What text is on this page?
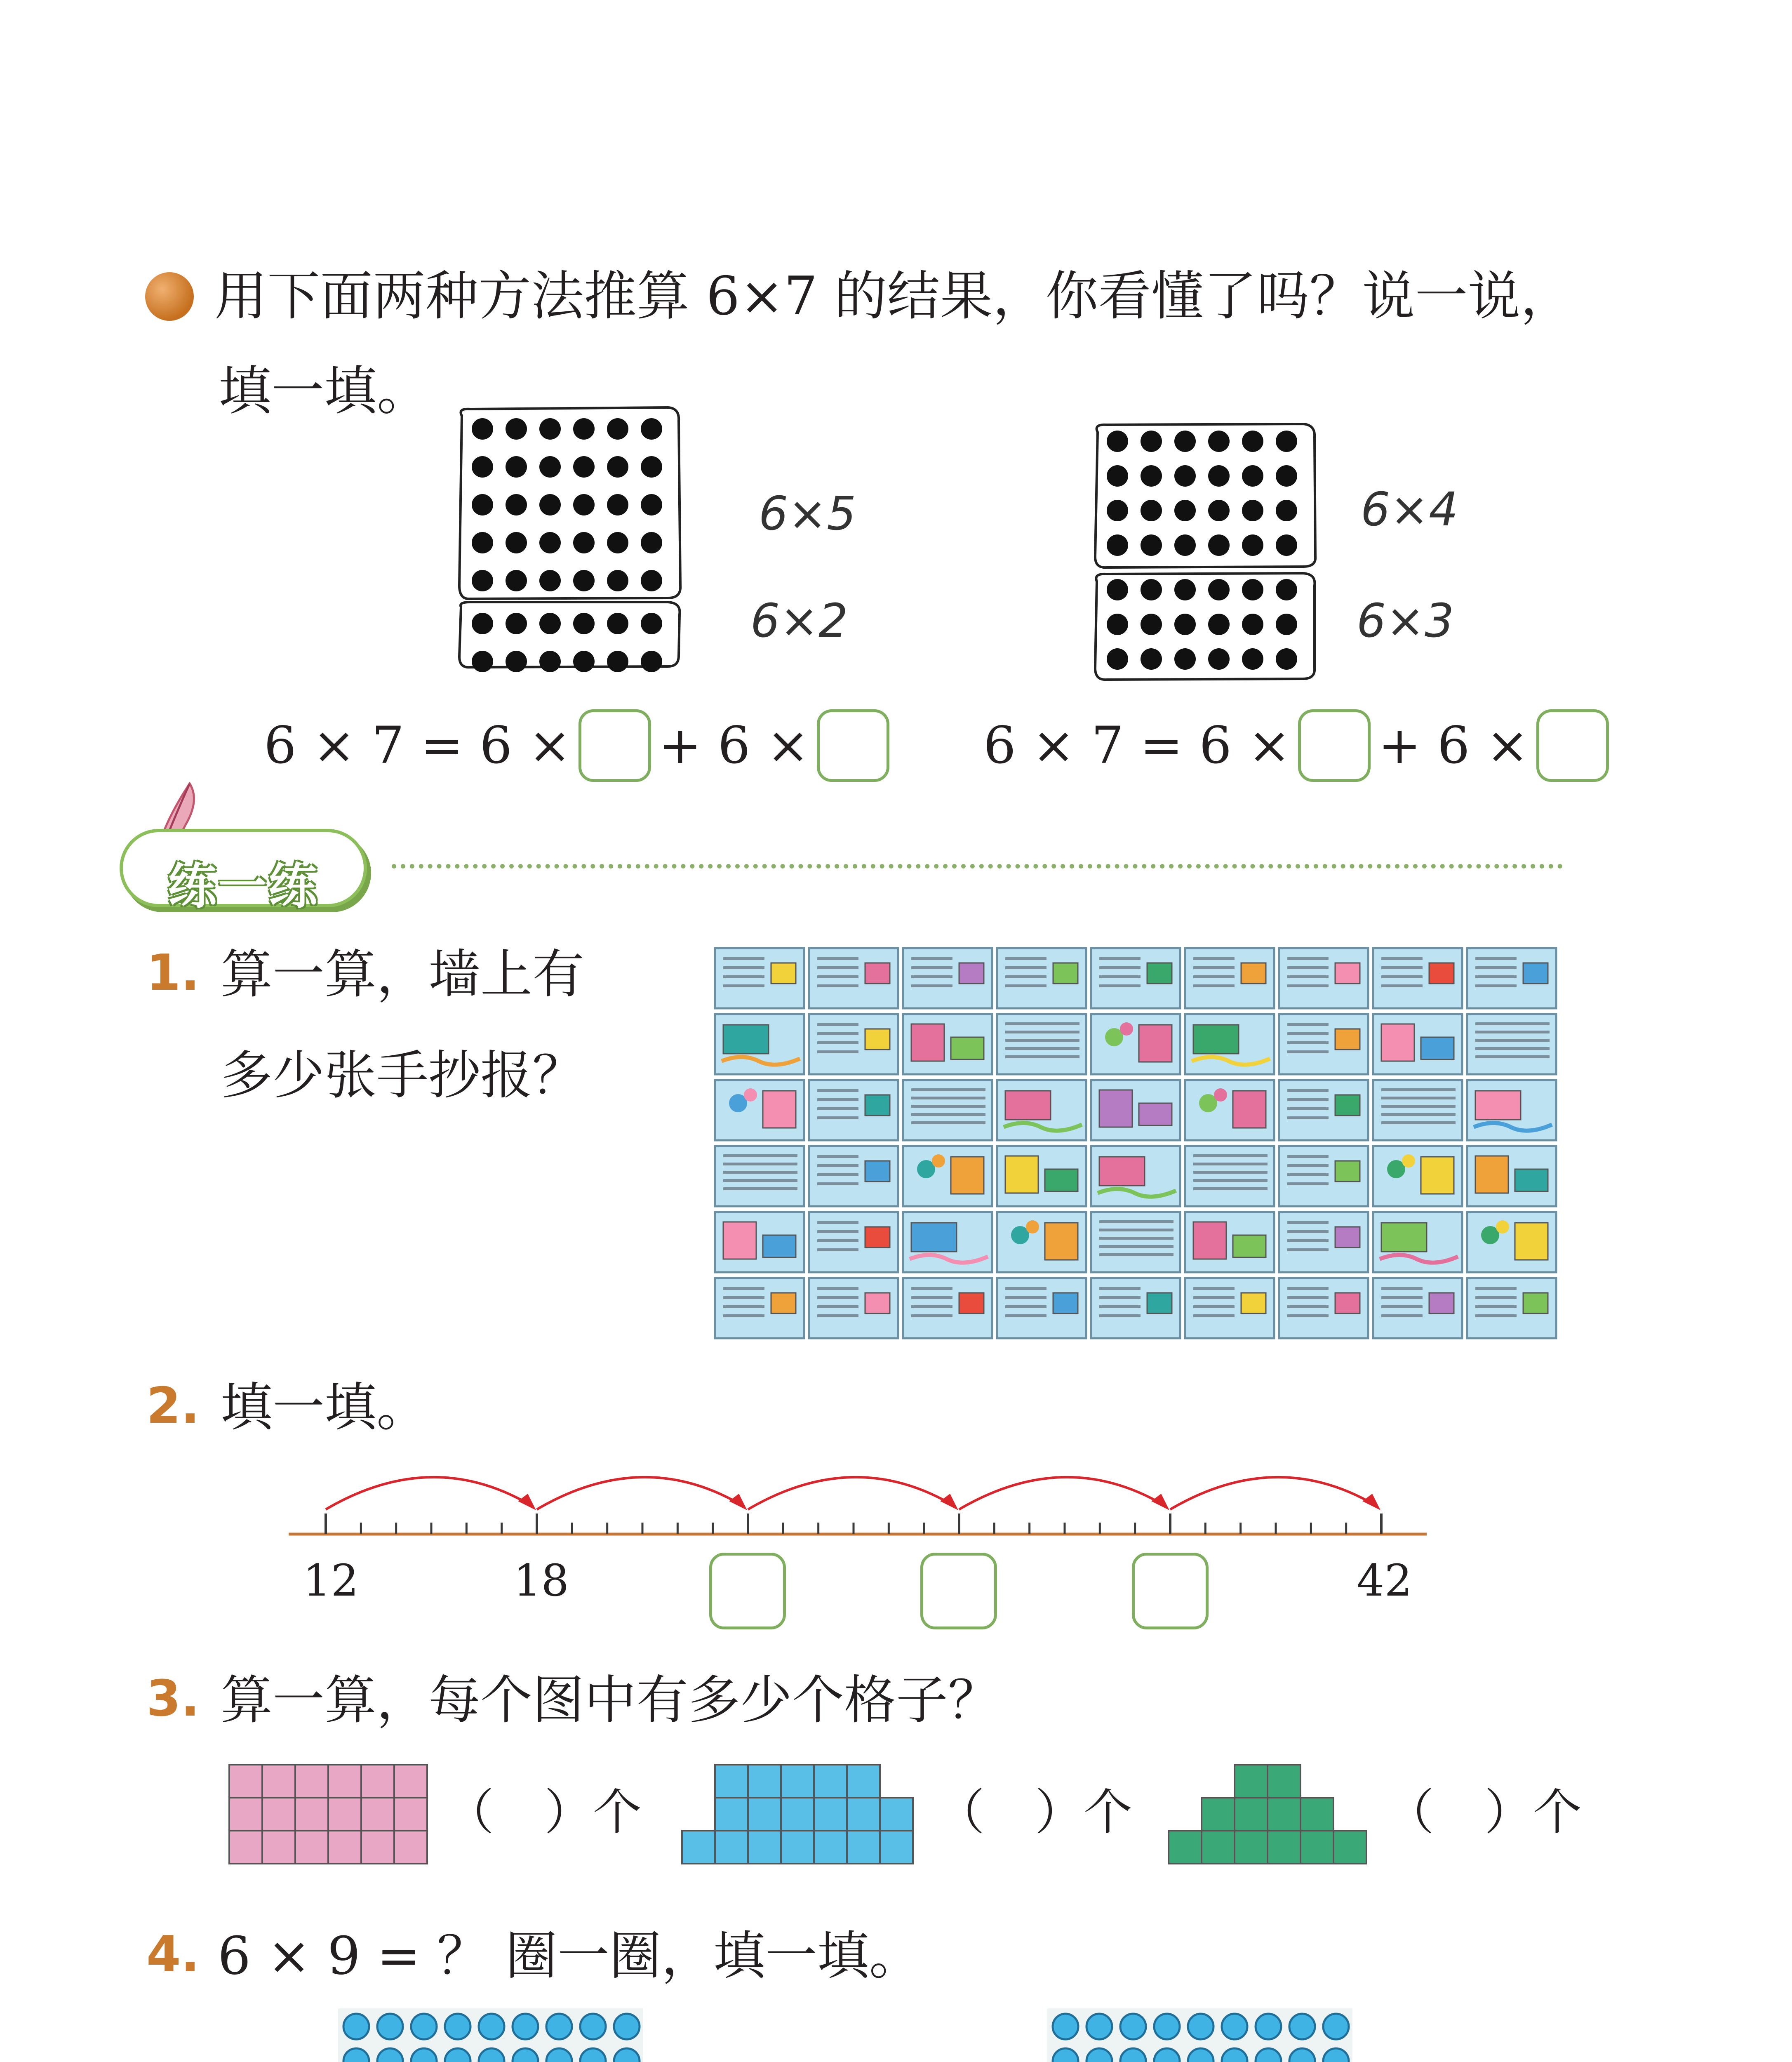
用下面两种方法推算 6×7 的结果，你看懂了吗？说一说，
填一填。
6×5
6×2
6×4
6×3
6 × 7 = 6 × + 6 ×	6 × 7 = 6 × + 6 ×
练一练
1. 算一算，墙上有
多少张手抄报？
2. 填一填。
12	18	42
3. 算一算，每个图中有多少个格子？
（ ）个	（ ）个	（ ）个
4. 6 × 9 = ？ 圈一圈，填一填。
